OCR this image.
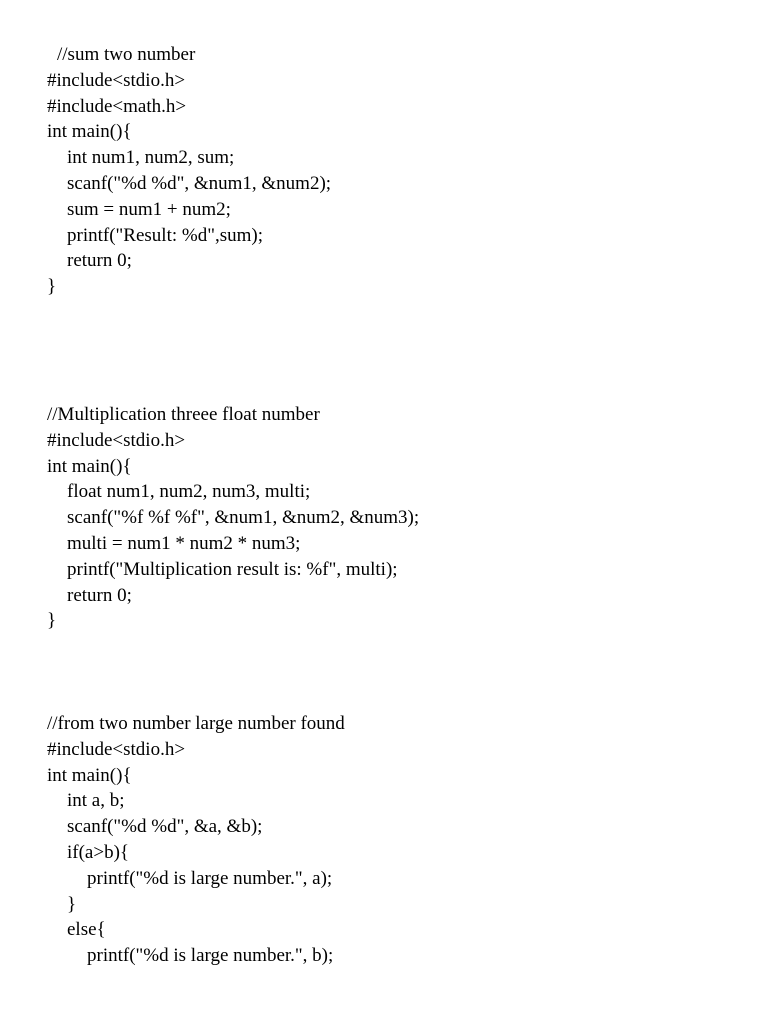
//sum two number
#include<stdio.h>
#include<math.h>
int main(){
int num1, num2, sum;
scanf("%d %d", &num1, &num2);
sum = num1 + num2;
printf("Result: %d",sum);
return 0;
}
//Multiplication threee float number
#include<stdio.h>
int main(){
float num1, num2, num3, multi;
scanf("%f %f %f", &num1, &num2, &num3);
multi = num1 * num2 * num3;
printf("Multiplication result is: %f", multi);
return 0;
}
//from two number large number found
#include<stdio.h>
int main(){
int a, b;
scanf("%d %d", &a, &b);
if(a>b){
printf("%d is large number.", a);
}
else{
printf("%d is large number.", b);
